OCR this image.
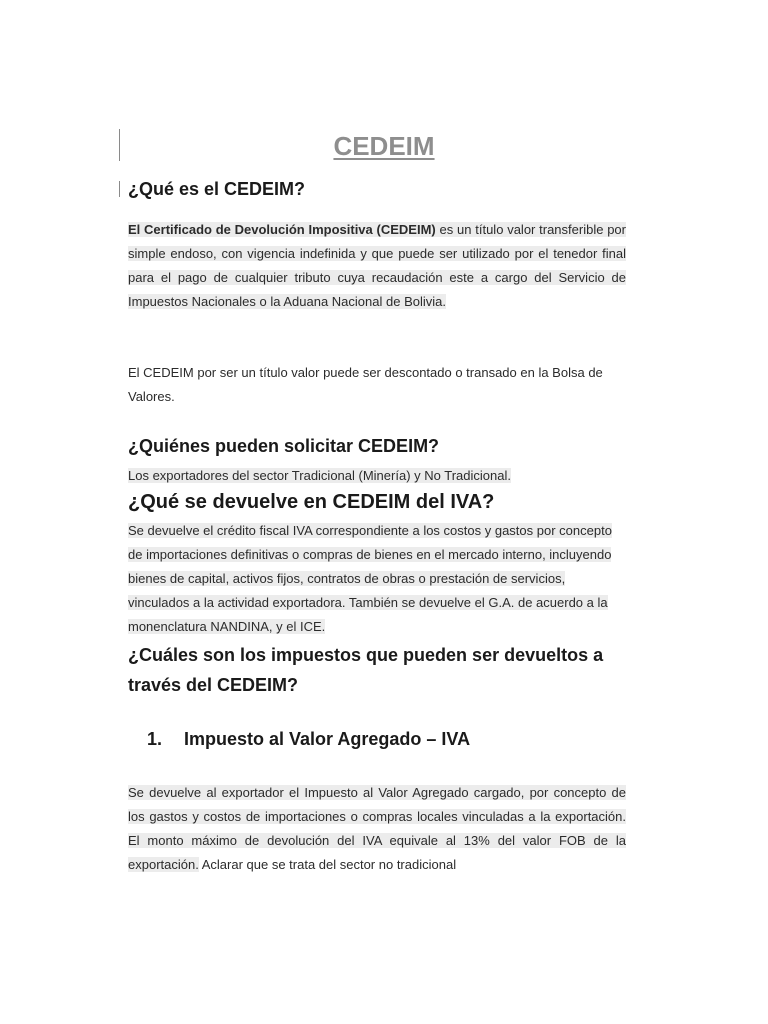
CEDEIM
¿Qué es el CEDEIM?

El Certificado de Devolución Impositiva (CEDEIM) es un título valor transferible por simple endoso, con vigencia indefinida y que puede ser utilizado por el tenedor final para el pago de cualquier tributo cuya recaudación este a cargo del Servicio de Impuestos Nacionales o la Aduana Nacional de Bolivia.

El CEDEIM por ser un título valor puede ser descontado o transado en la Bolsa de Valores.

¿Quiénes pueden solicitar CEDEIM?

Los exportadores del sector Tradicional (Minería) y No Tradicional.

¿Qué se devuelve en CEDEIM del IVA?

Se devuelve el crédito fiscal IVA correspondiente a los costos y gastos por concepto de importaciones definitivas o compras de bienes en el mercado interno, incluyendo bienes de capital, activos fijos, contratos de obras o prestación de servicios, vinculados a la actividad exportadora. También se devuelve el G.A. de acuerdo a la monenclatura NANDINA, y el ICE.

¿Cuáles son los impuestos que pueden ser devueltos a través del CEDEIM?
1. Impuesto al Valor Agregado – IVA

Se devuelve al exportador el Impuesto al Valor Agregado cargado, por concepto de los gastos y costos de importaciones o compras locales vinculadas a la exportación. El monto máximo de devolución del IVA equivale al 13% del valor FOB de la exportación. Aclarar que se trata del sector no tradicional
